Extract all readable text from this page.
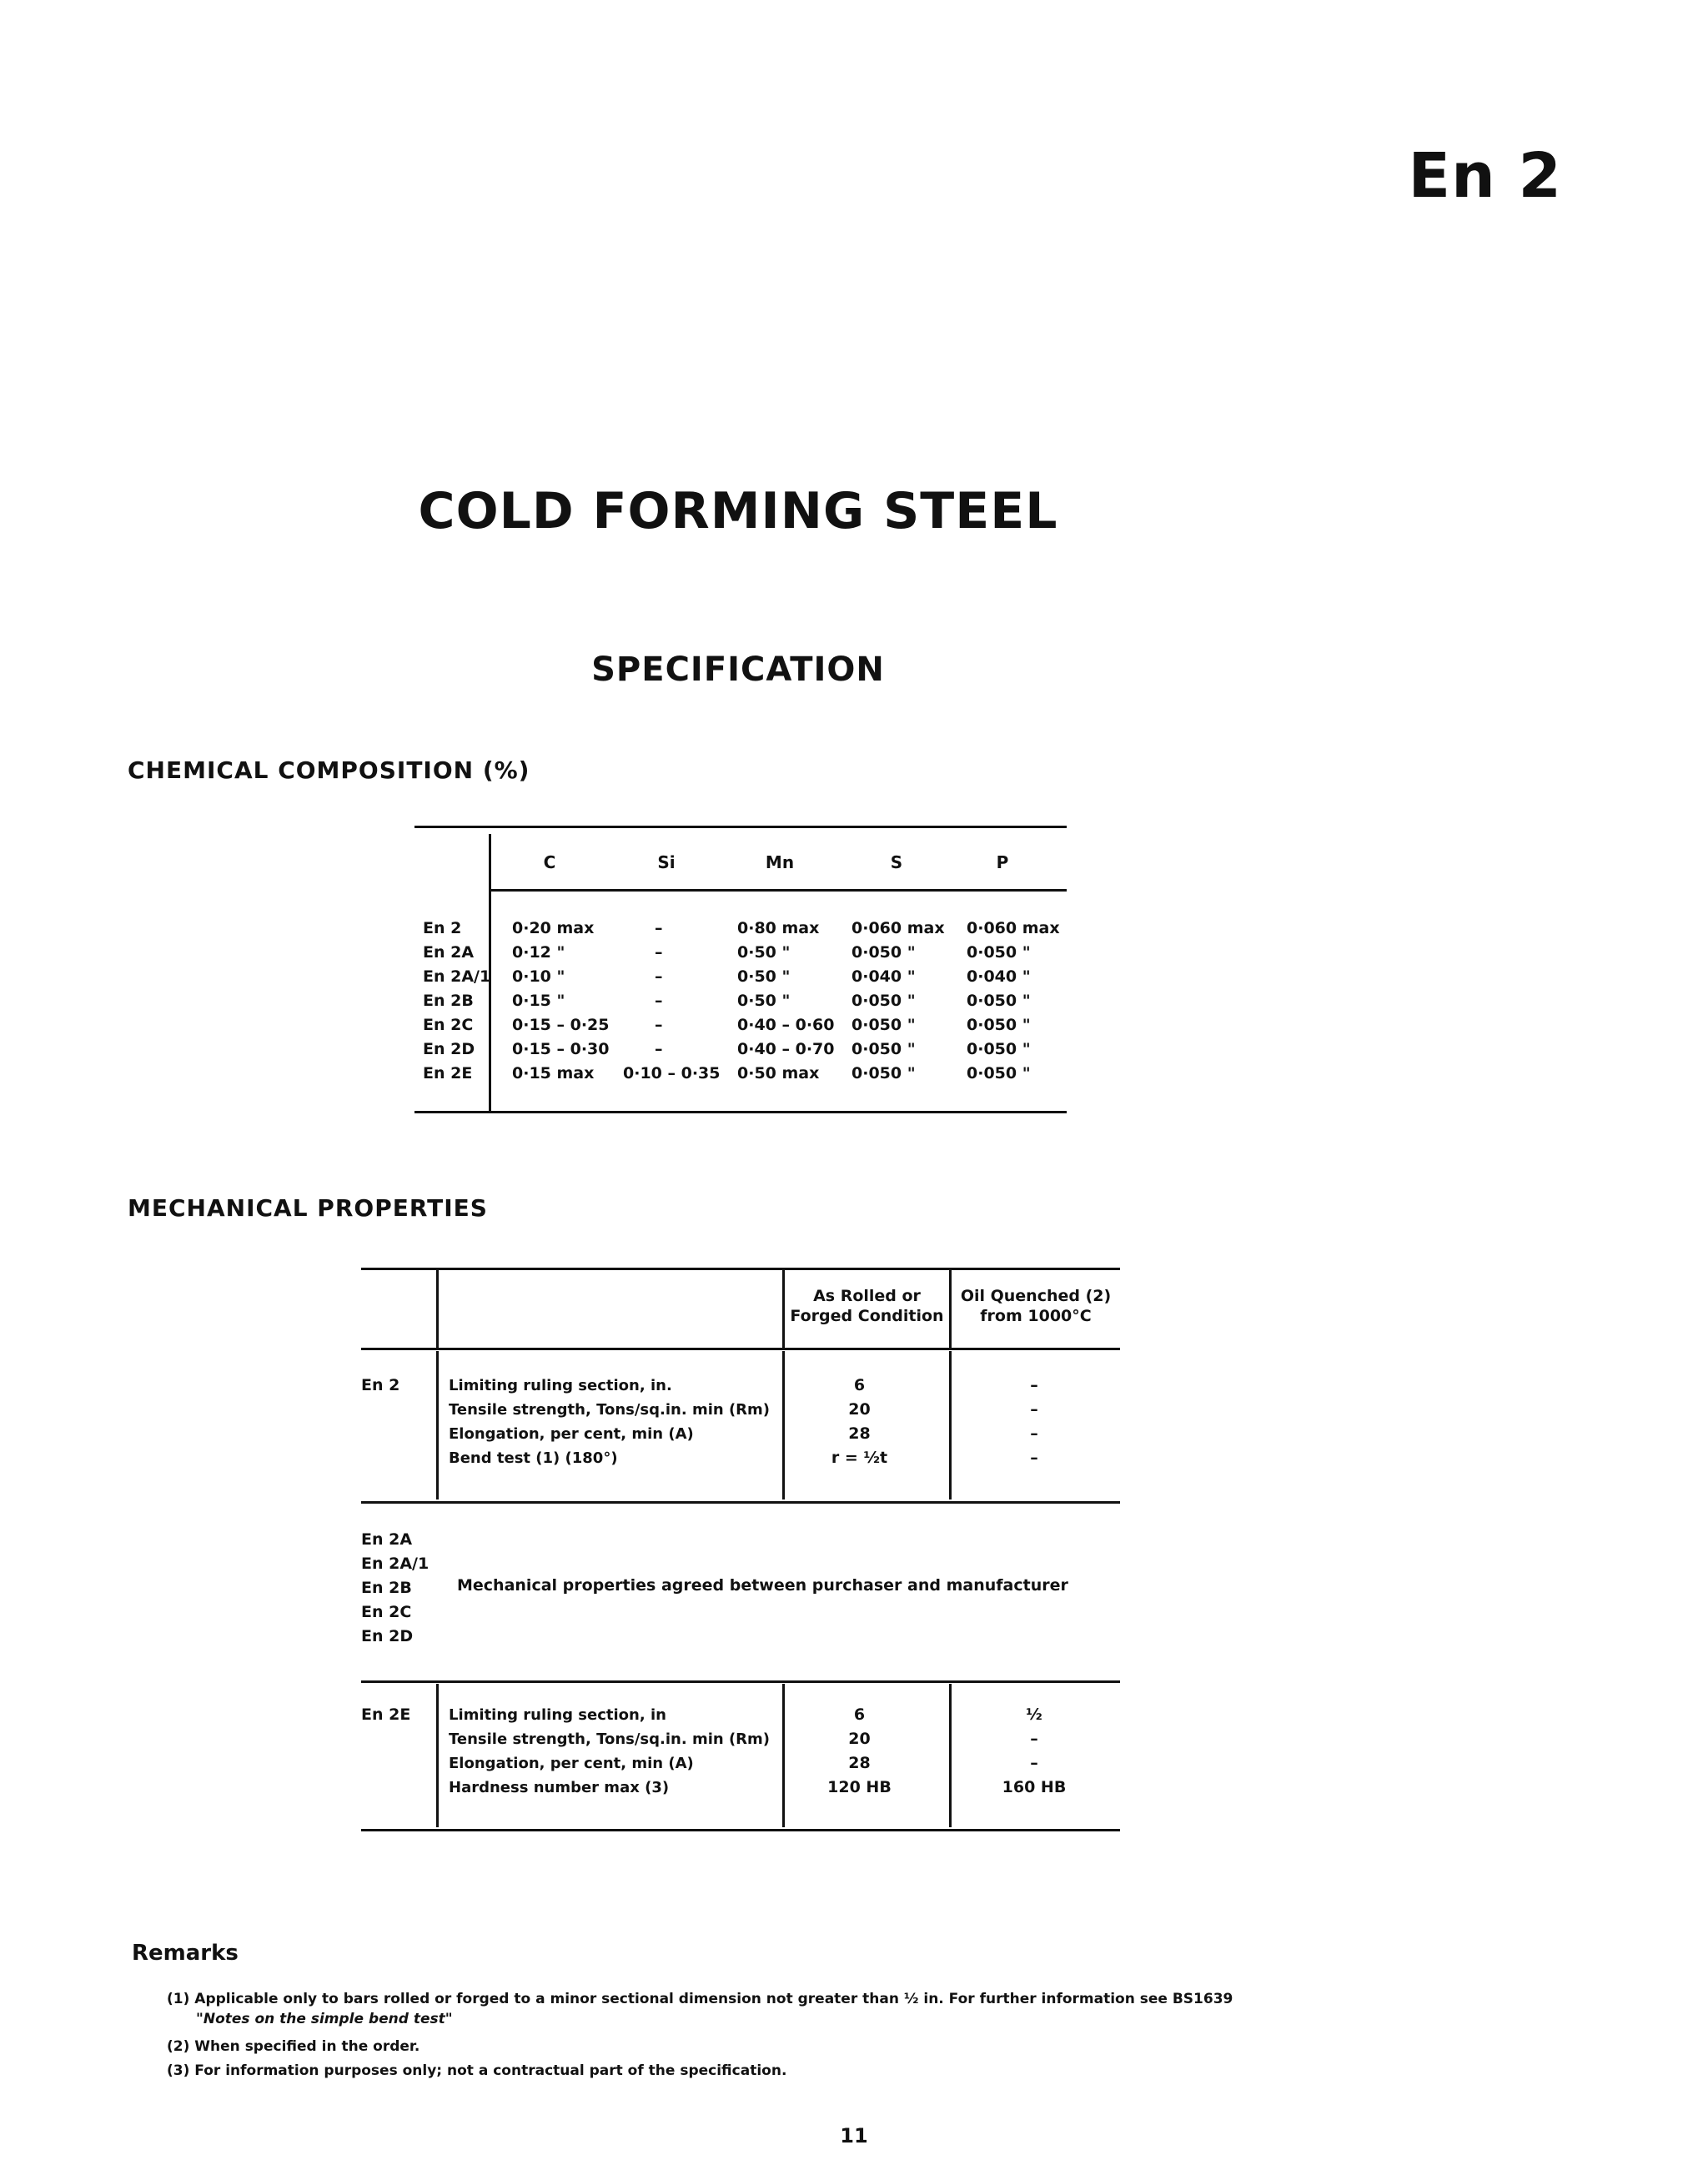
En 2
COLD FORMING STEEL
SPECIFICATION
CHEMICAL COMPOSITION (%)
C	Si	Mn	S	P
En 2	0·20 max	–	0·80 max 0·060 max 0·060 max
En 2A 0·12 "	–	0·50 "	0·050 "	0·050 "
En 2A/1 0·10 "	–	0·50 "	0·040 "	0·040 "
En 2B 0·15 "	–	0·50 "	0·050 "	0·050 "
En 2C 0·15 – 0·25	–	0·40 – 0·60 0·050 "	0·050 "
En 2D 0·15 – 0·30	–	0·40 – 0·70 0·050 "	0·050 "
En 2E	0·15 max 0·10 – 0·35 0·50 max 0·050 "	0·050 "
MECHANICAL PROPERTIES
As Rolled or
Forged Condition
Oil Quenched (2)
from 1000°C
En 2	Limiting ruling section, in.
Tensile strength, Tons/sq.in. min (Rm)
Elongation, per cent, min (A)
Bend test (1) (180°)
6
20
28
r = ½t
–
–
–
–
En 2A
En 2A/1
En 2B
En 2C
En 2D
Mechanical properties agreed between purchaser and manufacturer
En 2E	Limiting ruling section, in
Tensile strength, Tons/sq.in. min (Rm)
Elongation, per cent, min (A)
Hardness number max (3)
6
20
28
120 HB
½
–
–
160 HB
Remarks
(1) Applicable only to bars rolled or forged to a minor sectional dimension not greater than ½ in. For further information see BS1639
"Notes on the simple bend test"
(2) When specified in the order.
(3) For information purposes only; not a contractual part of the specification.
11
